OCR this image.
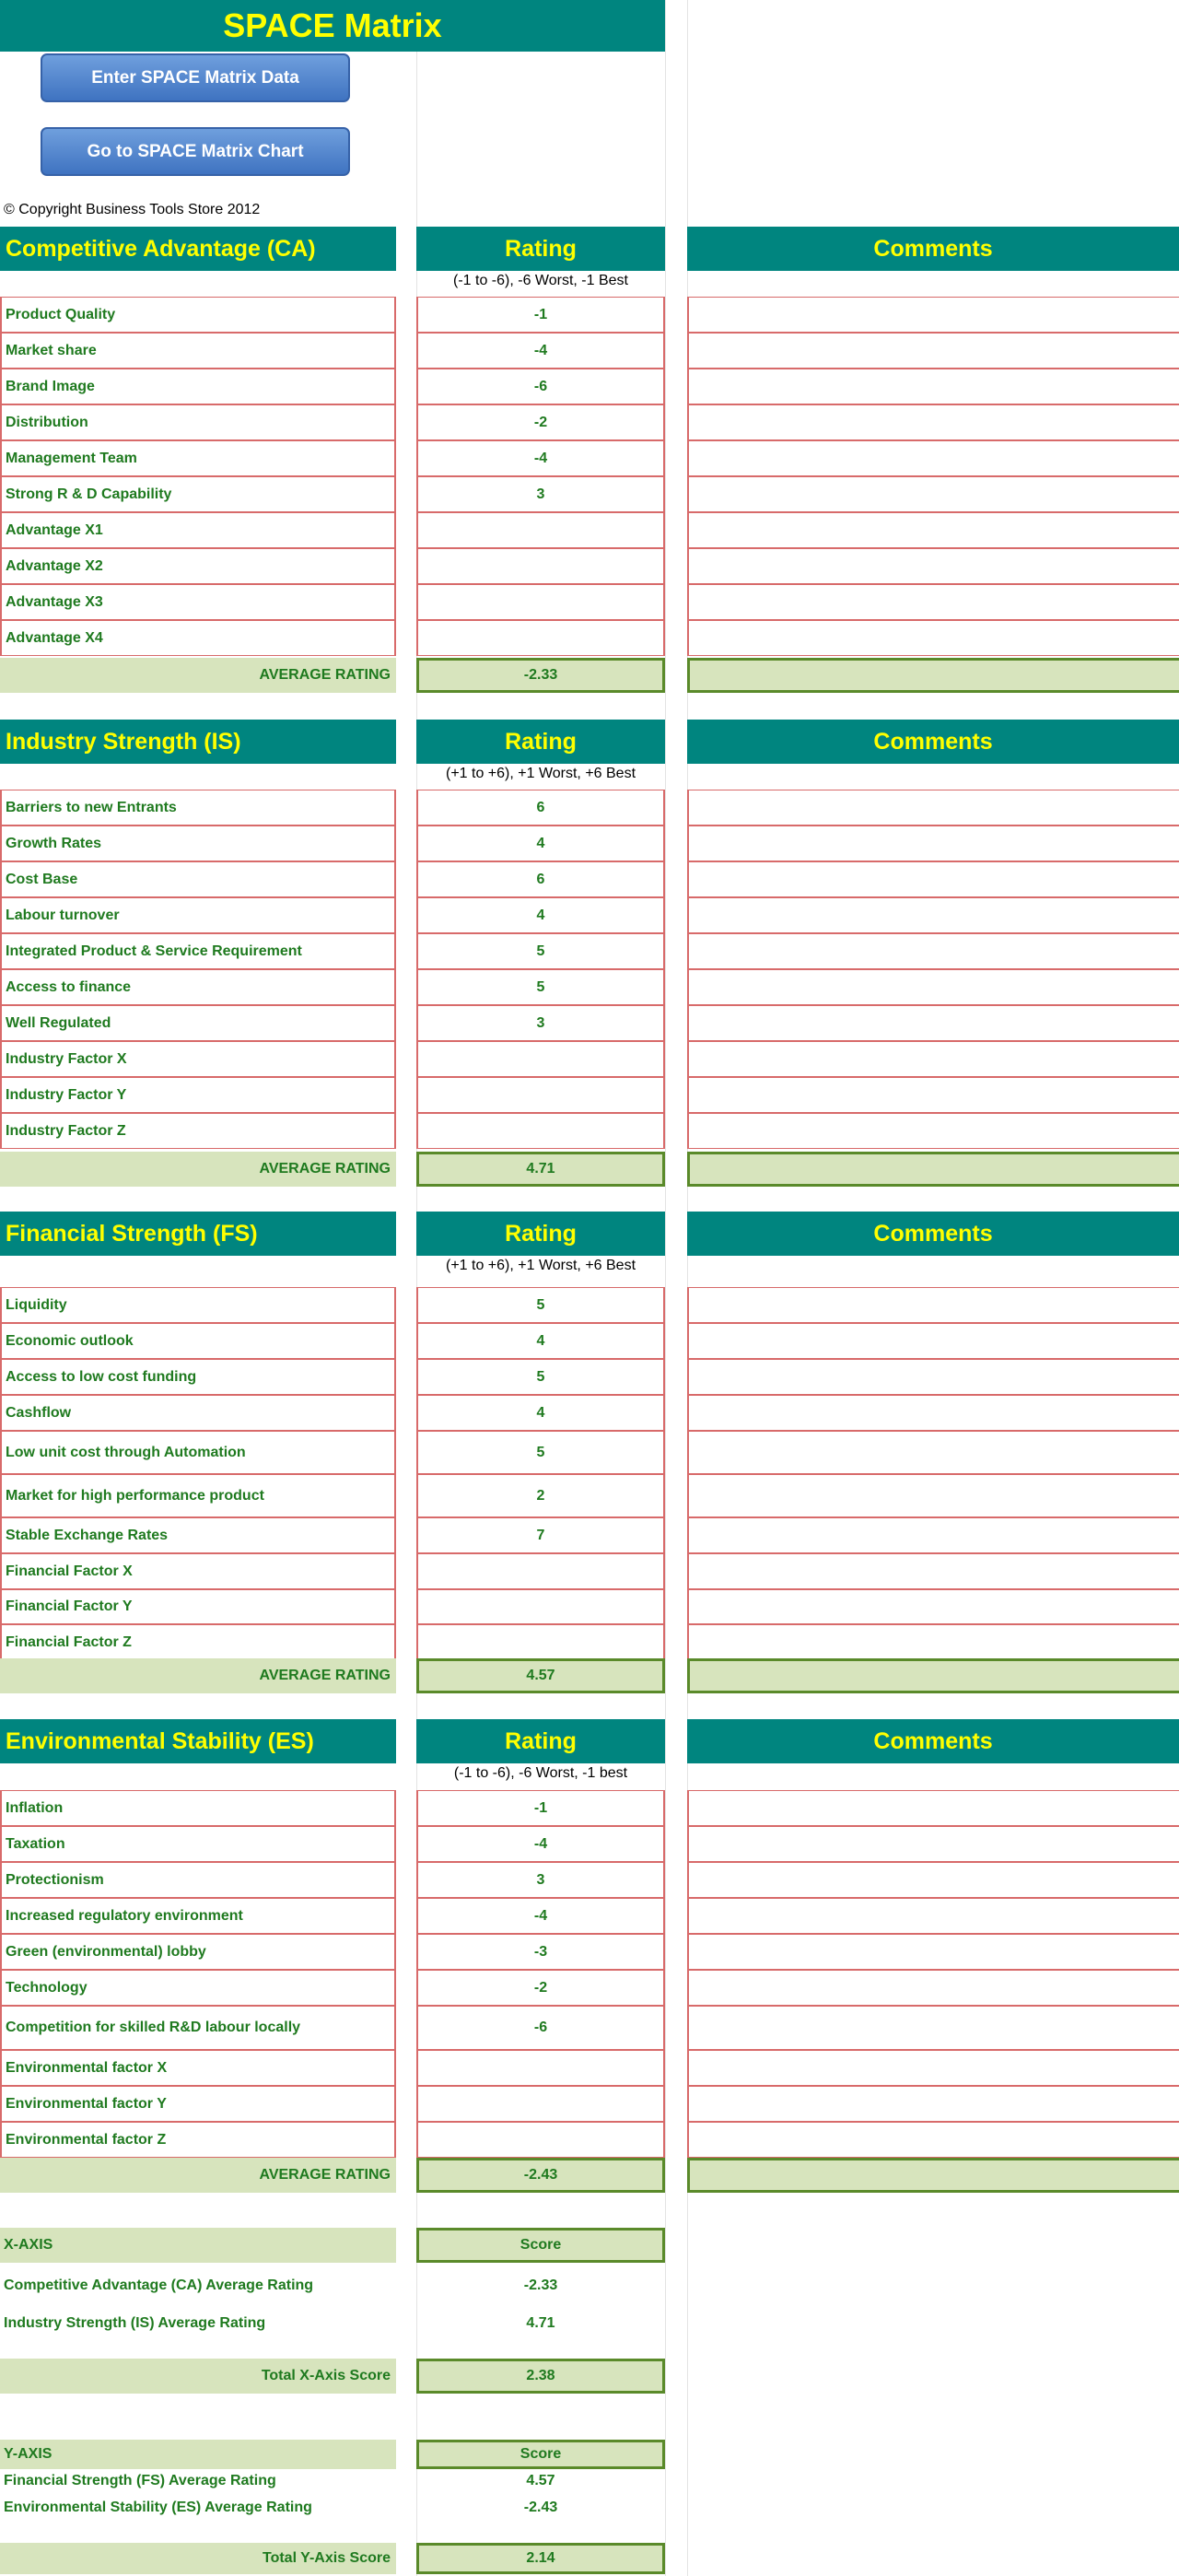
SPACE Matrix
Enter SPACE Matrix Data
Go to SPACE Matrix Chart
© Copyright Business Tools Store 2012
Competitive Advantage (CA)	Rating	Comments
(-1 to -6), -6 Worst, -1 Best
Product Quality	-1
Market share	-4
Brand Image	-6
Distribution	-2
Management Team	-4
Strong R & D Capability	3
Advantage X1
Advantage X2
Advantage X3
Advantage X4
AVERAGE RATING	-2.33
Industry Strength (IS)	Rating	Comments
(+1 to +6), +1 Worst, +6 Best
Barriers to new Entrants	6
Growth Rates	4
Cost Base	6
Labour turnover	4
Integrated Product & Service Requirement	5
Access to finance	5
Well Regulated	3
Industry Factor X
Industry Factor Y
Industry Factor Z
AVERAGE RATING	4.71
Financial Strength (FS)	Rating	Comments
(+1 to +6), +1 Worst, +6 Best
Liquidity	5
Economic outlook	4
Access to low cost funding	5
Cashflow	4
Low unit cost through Automation	5
Market for high performance product	2
Stable Exchange Rates	7
Financial Factor X
Financial Factor Y
Financial Factor Z
AVERAGE RATING	4.57
Environmental Stability (ES)	Rating	Comments
(-1 to -6), -6 Worst, -1 best
Inflation	-1
Taxation	-4
Protectionism	3
Increased regulatory environment	-4
Green (environmental) lobby	-3
Technology	-2
Competition for skilled R&D labour locally	-6
Environmental factor X
Environmental factor Y
Environmental factor Z
AVERAGE RATING	-2.43
X-AXIS	Score
Competitive Advantage (CA) Average Rating	-2.33
Industry Strength (IS) Average Rating	4.71
Total X-Axis Score	2.38
Y-AXIS	Score
Financial Strength (FS) Average Rating	4.57
Environmental Stability (ES) Average Rating	-2.43
Total Y-Axis Score	2.14
